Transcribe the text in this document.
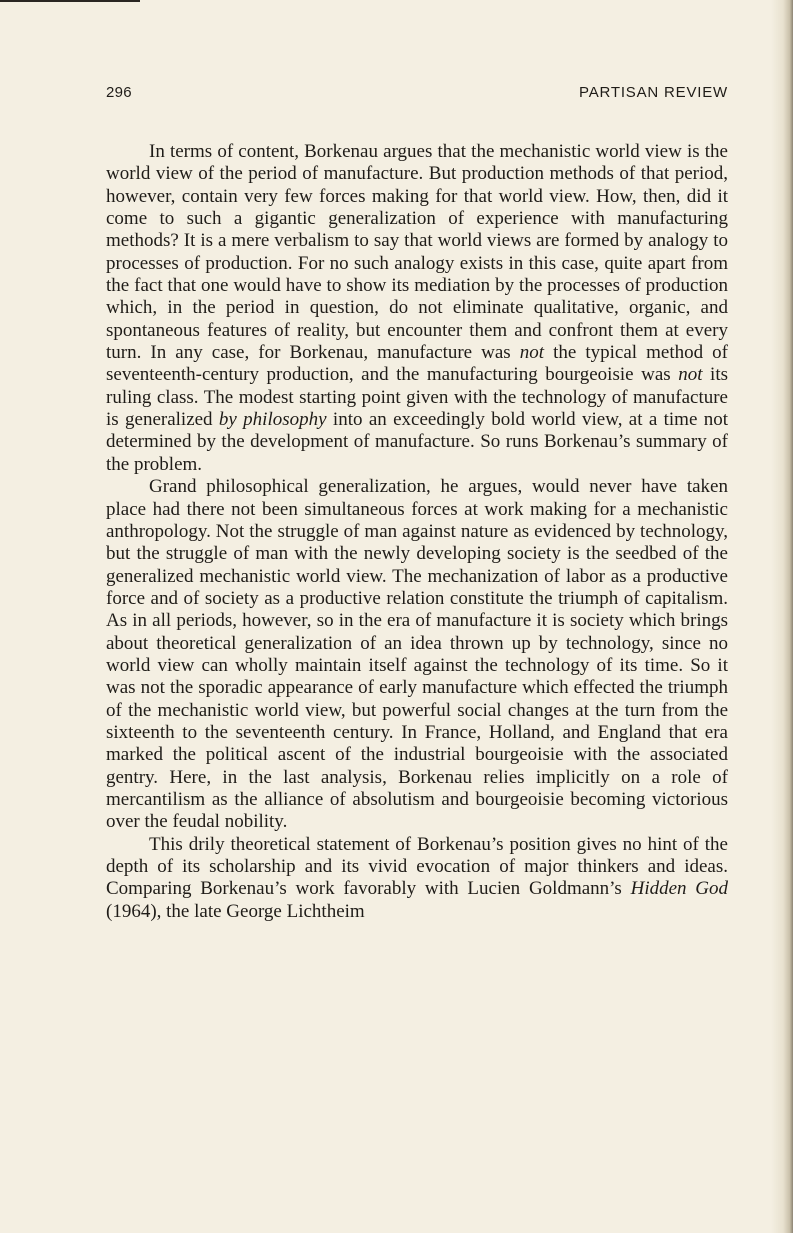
296	PARTISAN REVIEW

In terms of content, Borkenau argues that the mechanistic world view is the world view of the period of manufacture. But production methods of that period, however, contain very few forces making for that world view. How, then, did it come to such a gigantic generalization of experience with manufacturing methods? It is a mere verbalism to say that world views are formed by analogy to processes of production. For no such analogy exists in this case, quite apart from the fact that one would have to show its mediation by the processes of production which, in the period in question, do not eliminate qualitative, organic, and spontaneous features of reality, but encounter them and confront them at every turn. In any case, for Borkenau, manufacture was not the typical method of seventeenth-century production, and the manufacturing bourgeoisie was not its ruling class. The modest starting point given with the technology of manufacture is generalized by philosophy into an exceedingly bold world view, at a time not determined by the development of manufacture. So runs Borkenau’s summary of the problem.

Grand philosophical generalization, he argues, would never have taken place had there not been simultaneous forces at work making for a mechanistic anthropology. Not the struggle of man against nature as evidenced by technology, but the struggle of man with the newly developing society is the seedbed of the generalized mechanistic world view. The mechanization of labor as a productive force and of society as a productive relation constitute the triumph of capitalism. As in all periods, however, so in the era of manufacture it is society which brings about theoretical generalization of an idea thrown up by technology, since no world view can wholly maintain itself against the technology of its time. So it was not the sporadic appearance of early manufacture which effected the triumph of the mechanistic world view, but powerful social changes at the turn from the sixteenth to the seventeenth century. In France, Holland, and England that era marked the political ascent of the industrial bourgeoisie with the associated gentry. Here, in the last analysis, Borkenau relies implicitly on a role of mercantilism as the alliance of absolutism and bourgeoisie becoming victorious over the feudal nobility.

This drily theoretical statement of Borkenau’s position gives no hint of the depth of its scholarship and its vivid evocation of major thinkers and ideas. Comparing Borkenau’s work favorably with Lucien Goldmann’s Hidden God (1964), the late George Lichtheim
